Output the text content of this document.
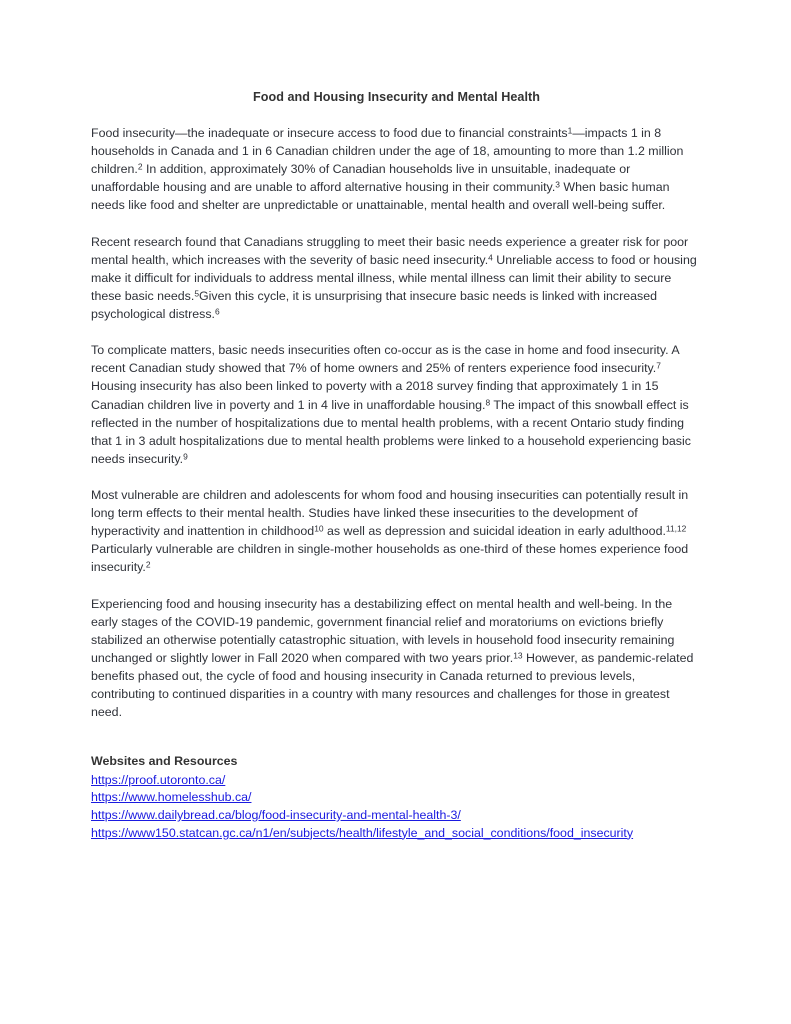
Food and Housing Insecurity and Mental Health

Food insecurity—the inadequate or insecure access to food due to financial constraints$^1$—impacts 1 in 8 households in Canada and 1 in 6 Canadian children under the age of 18, amounting to more than 1.2 million children.$^2$ In addition, approximately 30% of Canadian households live in unsuitable, inadequate or unaffordable housing and are unable to afford alternative housing in their community.$^3$ When basic human needs like food and shelter are unpredictable or unattainable, mental health and overall well-being suffer.

Recent research found that Canadians struggling to meet their basic needs experience a greater risk for poor mental health, which increases with the severity of basic need insecurity.$^4$ Unreliable access to food or housing make it difficult for individuals to address mental illness, while mental illness can limit their ability to secure these basic needs.$^5$Given this cycle, it is unsurprising that insecure basic needs is linked with increased psychological distress.$^6$

To complicate matters, basic needs insecurities often co-occur as is the case in home and food insecurity. A recent Canadian study showed that 7% of home owners and 25% of renters experience food insecurity.$^7$ Housing insecurity has also been linked to poverty with a 2018 survey finding that approximately 1 in 15 Canadian children live in poverty and 1 in 4 live in unaffordable housing.$^8$ The impact of this snowball effect is reflected in the number of hospitalizations due to mental health problems, with a recent Ontario study finding that 1 in 3 adult hospitalizations due to mental health problems were linked to a household experiencing basic needs insecurity.$^9$

Most vulnerable are children and adolescents for whom food and housing insecurities can potentially result in long term effects to their mental health. Studies have linked these insecurities to the development of hyperactivity and inattention in childhood$^{10}$ as well as depression and suicidal ideation in early adulthood.$^{11,12}$ Particularly vulnerable are children in single-mother households as one-third of these homes experience food insecurity.$^2$

Experiencing food and housing insecurity has a destabilizing effect on mental health and well-being. In the early stages of the COVID-19 pandemic, government financial relief and moratoriums on evictions briefly stabilized an otherwise potentially catastrophic situation, with levels in household food insecurity remaining unchanged or slightly lower in Fall 2020 when compared with two years prior.$^{13}$ However, as pandemic-related benefits phased out, the cycle of food and housing insecurity in Canada returned to previous levels, contributing to continued disparities in a country with many resources and challenges for those in greatest need.

Websites and Resources
https://proof.utoronto.ca/
https://www.homelesshub.ca/
https://www.dailybread.ca/blog/food-insecurity-and-mental-health-3/
https://www150.statcan.gc.ca/n1/en/subjects/health/lifestyle_and_social_conditions/food_insecurity
